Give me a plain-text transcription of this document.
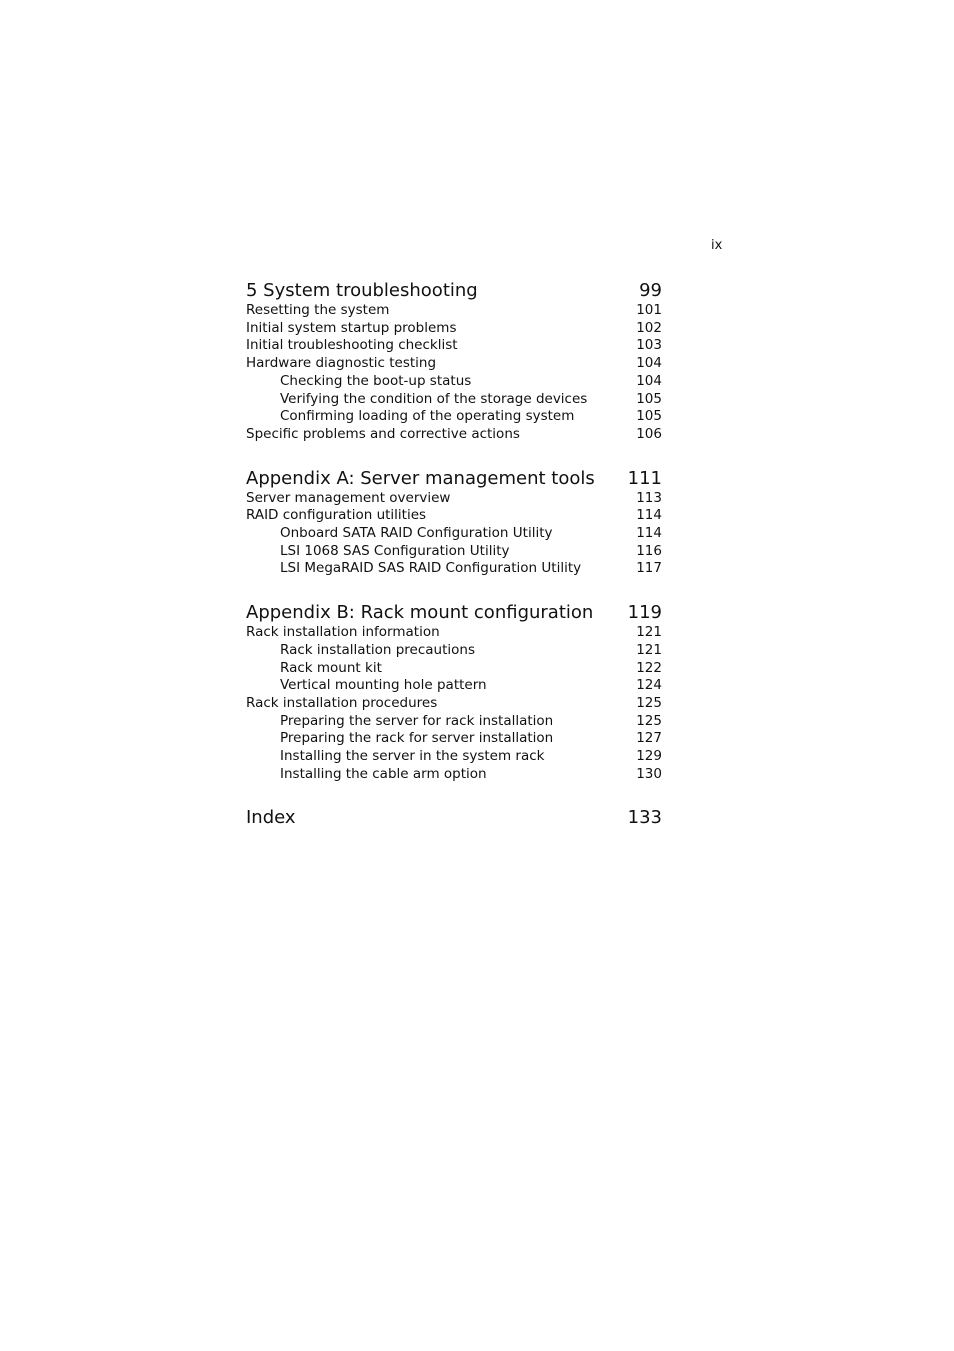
ix
5 System troubleshooting	99
Resetting the system	101
Initial system startup problems	102
Initial troubleshooting checklist	103
Hardware diagnostic testing	104
Checking the boot-up status	104
Verifying the condition of the storage devices	105
Confirming loading of the operating system	105
Specific problems and corrective actions	106
Appendix A: Server management tools 111
Server management overview	113
RAID configuration utilities	114
Onboard SATA RAID Configuration Utility	114
LSI 1068 SAS Configuration Utility	116
LSI MegaRAID SAS RAID Configuration Utility	117
Appendix B: Rack mount configuration 119
Rack installation information	121
Rack installation precautions	121
Rack mount kit	122
Vertical mounting hole pattern	124
Rack installation procedures	125
Preparing the server for rack installation	125
Preparing the rack for server installation	127
Installing the server in the system rack	129
Installing the cable arm option	130
Index	133
